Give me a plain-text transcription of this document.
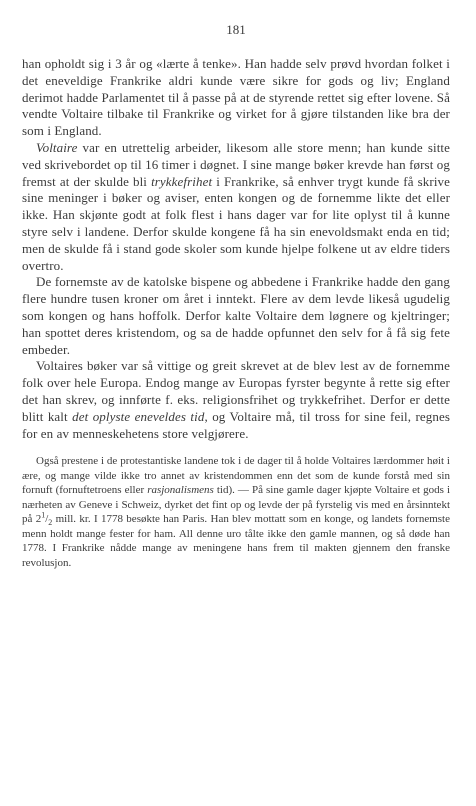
181

han opholdt sig i 3 år og «lærte å tenke». Han hadde selv prøvd hvordan folket i det eneveldige Frankrike aldri kunde være sikre for gods og liv; England derimot hadde Parlamentet til å passe på at de styrende rettet sig efter lovene. Så vendte Voltaire tilbake til Frankrike og virket for å gjøre tilstanden like bra der som i England.

Voltaire var en utrettelig arbeider, likesom alle store menn; han kunde sitte ved skrivebordet op til 16 timer i døgnet. I sine mange bøker krevde han først og fremst at der skulde bli trykkefrihet i Frankrike, så enhver trygt kunde få skrive sine meninger i bøker og aviser, enten kongen og de fornemme likte det eller ikke. Han skjønte godt at folk flest i hans dager var for lite oplyst til å kunne styre selv i landene. Derfor skulde kongene få ha sin enevoldsmakt enda en tid; men de skulde få i stand gode skoler som kunde hjelpe folkene ut av eldre tiders overtro.

De fornemste av de katolske bispene og abbedene i Frankrike hadde den gang flere hundre tusen kroner om året i inntekt. Flere av dem levde likeså ugudelig som kongen og hans hoffolk. Derfor kalte Voltaire dem løgnere og kjeltringer; han spottet deres kristendom, og sa de hadde opfunnet den selv for å få sig fete embeder.

Voltaires bøker var så vittige og greit skrevet at de blev lest av de fornemme folk over hele Europa. Endog mange av Europas fyrster begynte å rette sig efter det han skrev, og innførte f. eks. religionsfrihet og trykkefrihet. Derfor er dette blitt kalt det oplyste eneveldes tid, og Voltaire må, til tross for sine feil, regnes for en av menneskehetens store velgjørere.

Også prestene i de protestantiske landene tok i de dager til å holde Voltaires lærdommer høit i ære, og mange vilde ikke tro annet av kristendommen enn det som de kunde forstå med sin fornuft (fornuftetroens eller rasjonalismens tid). — På sine gamle dager kjøpte Voltaire et gods i nærheten av Geneve i Schweiz, dyrket det fint op og levde der på fyrstelig vis med en årsinntekt på $2^1/_2$ mill. kr. I 1778 besøkte han Paris. Han blev mottatt som en konge, og landets fornemste menn holdt mange fester for ham. All denne uro tålte ikke den gamle mannen, og så døde han 1778. I Frankrike nådde mange av meningene hans frem til makten gjennem den franske revolusjon.
